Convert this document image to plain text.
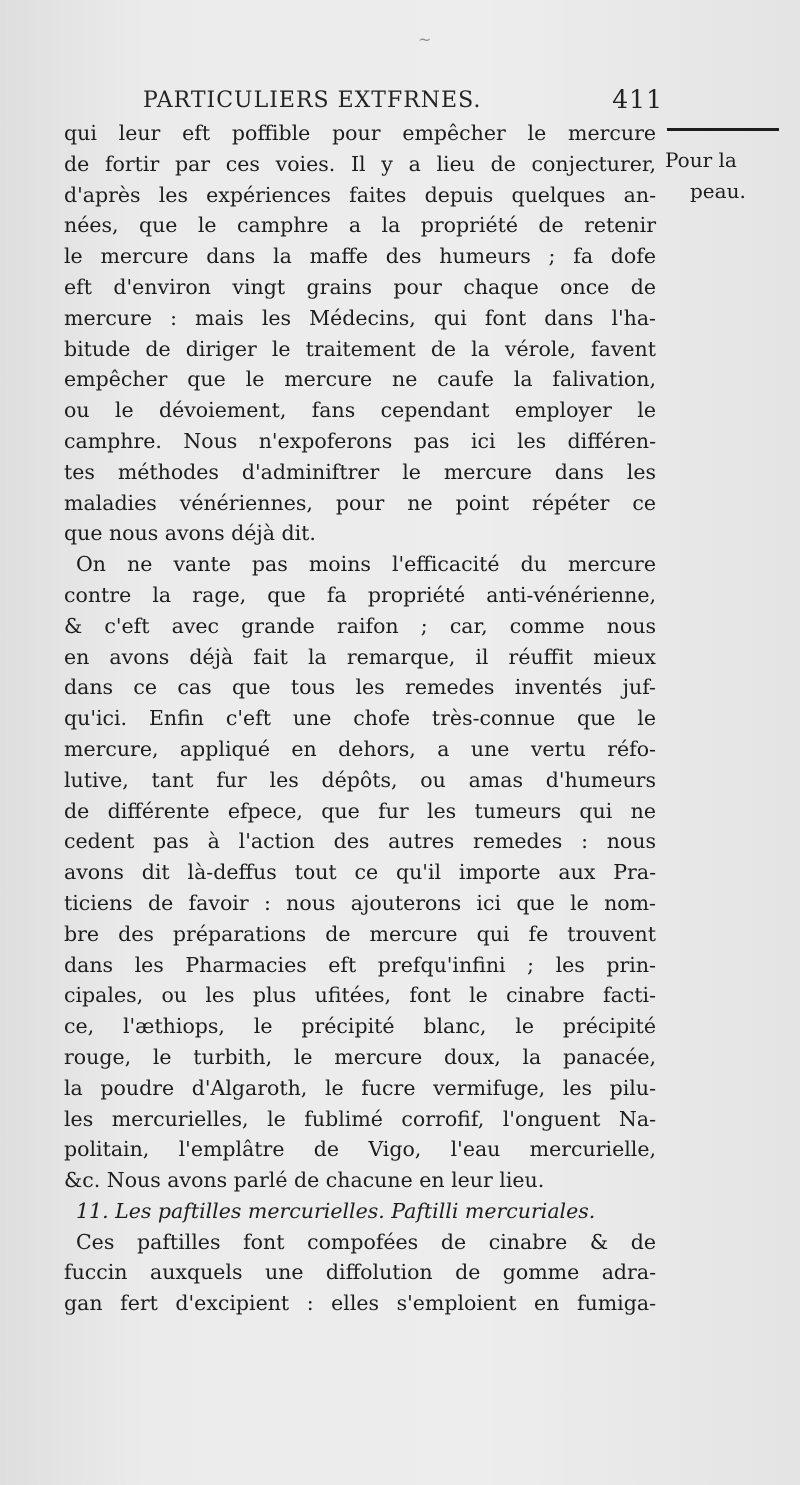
~
PARTICULIERS EXTFRNES.	411
Pour la
peau.
qui leur eft poffible pour empêcher le mercure
de fortir par ces voies. Il y a lieu de conjecturer,
d'après les expériences faites depuis quelques an-
nées, que le camphre a la propriété de retenir
le mercure dans la maffe des humeurs ; fa dofe
eft d'environ vingt grains pour chaque once de
mercure : mais les Médecins, qui font dans l'ha-
bitude de diriger le traitement de la vérole, favent
empêcher que le mercure ne caufe la falivation,
ou le dévoiement, fans cependant employer le
camphre. Nous n'expoferons pas ici les différen-
tes méthodes d'adminiftrer le mercure dans les
maladies vénériennes, pour ne point répéter ce
que nous avons déjà dit.
On ne vante pas moins l'efficacité du mercure
contre la rage, que fa propriété anti-vénérienne,
& c'eft avec grande raifon ; car, comme nous
en avons déjà fait la remarque, il réuffit mieux
dans ce cas que tous les remedes inventés juf-
qu'ici. Enfin c'eft une chofe très-connue que le
mercure, appliqué en dehors, a une vertu réfo-
lutive, tant fur les dépôts, ou amas d'humeurs
de différente efpece, que fur les tumeurs qui ne
cedent pas à l'action des autres remedes : nous
avons dit là-deffus tout ce qu'il importe aux Pra-
ticiens de favoir : nous ajouterons ici que le nom-
bre des préparations de mercure qui fe trouvent
dans les Pharmacies eft prefqu'infini ; les prin-
cipales, ou les plus ufitées, font le cinabre facti-
ce, l'æthiops, le précipité blanc, le précipité
rouge, le turbith, le mercure doux, la panacée,
la poudre d'Algaroth, le fucre vermifuge, les pilu-
les mercurielles, le fublimé corrofif, l'onguent Na-
politain, l'emplâtre de Vigo, l'eau mercurielle,
&c. Nous avons parlé de chacune en leur lieu.
11. Les paftilles mercurielles. Paftilli mercuriales.
Ces paftilles font compofées de cinabre & de
fuccin auxquels une diffolution de gomme adra-
gan fert d'excipient : elles s'emploient en fumiga-
